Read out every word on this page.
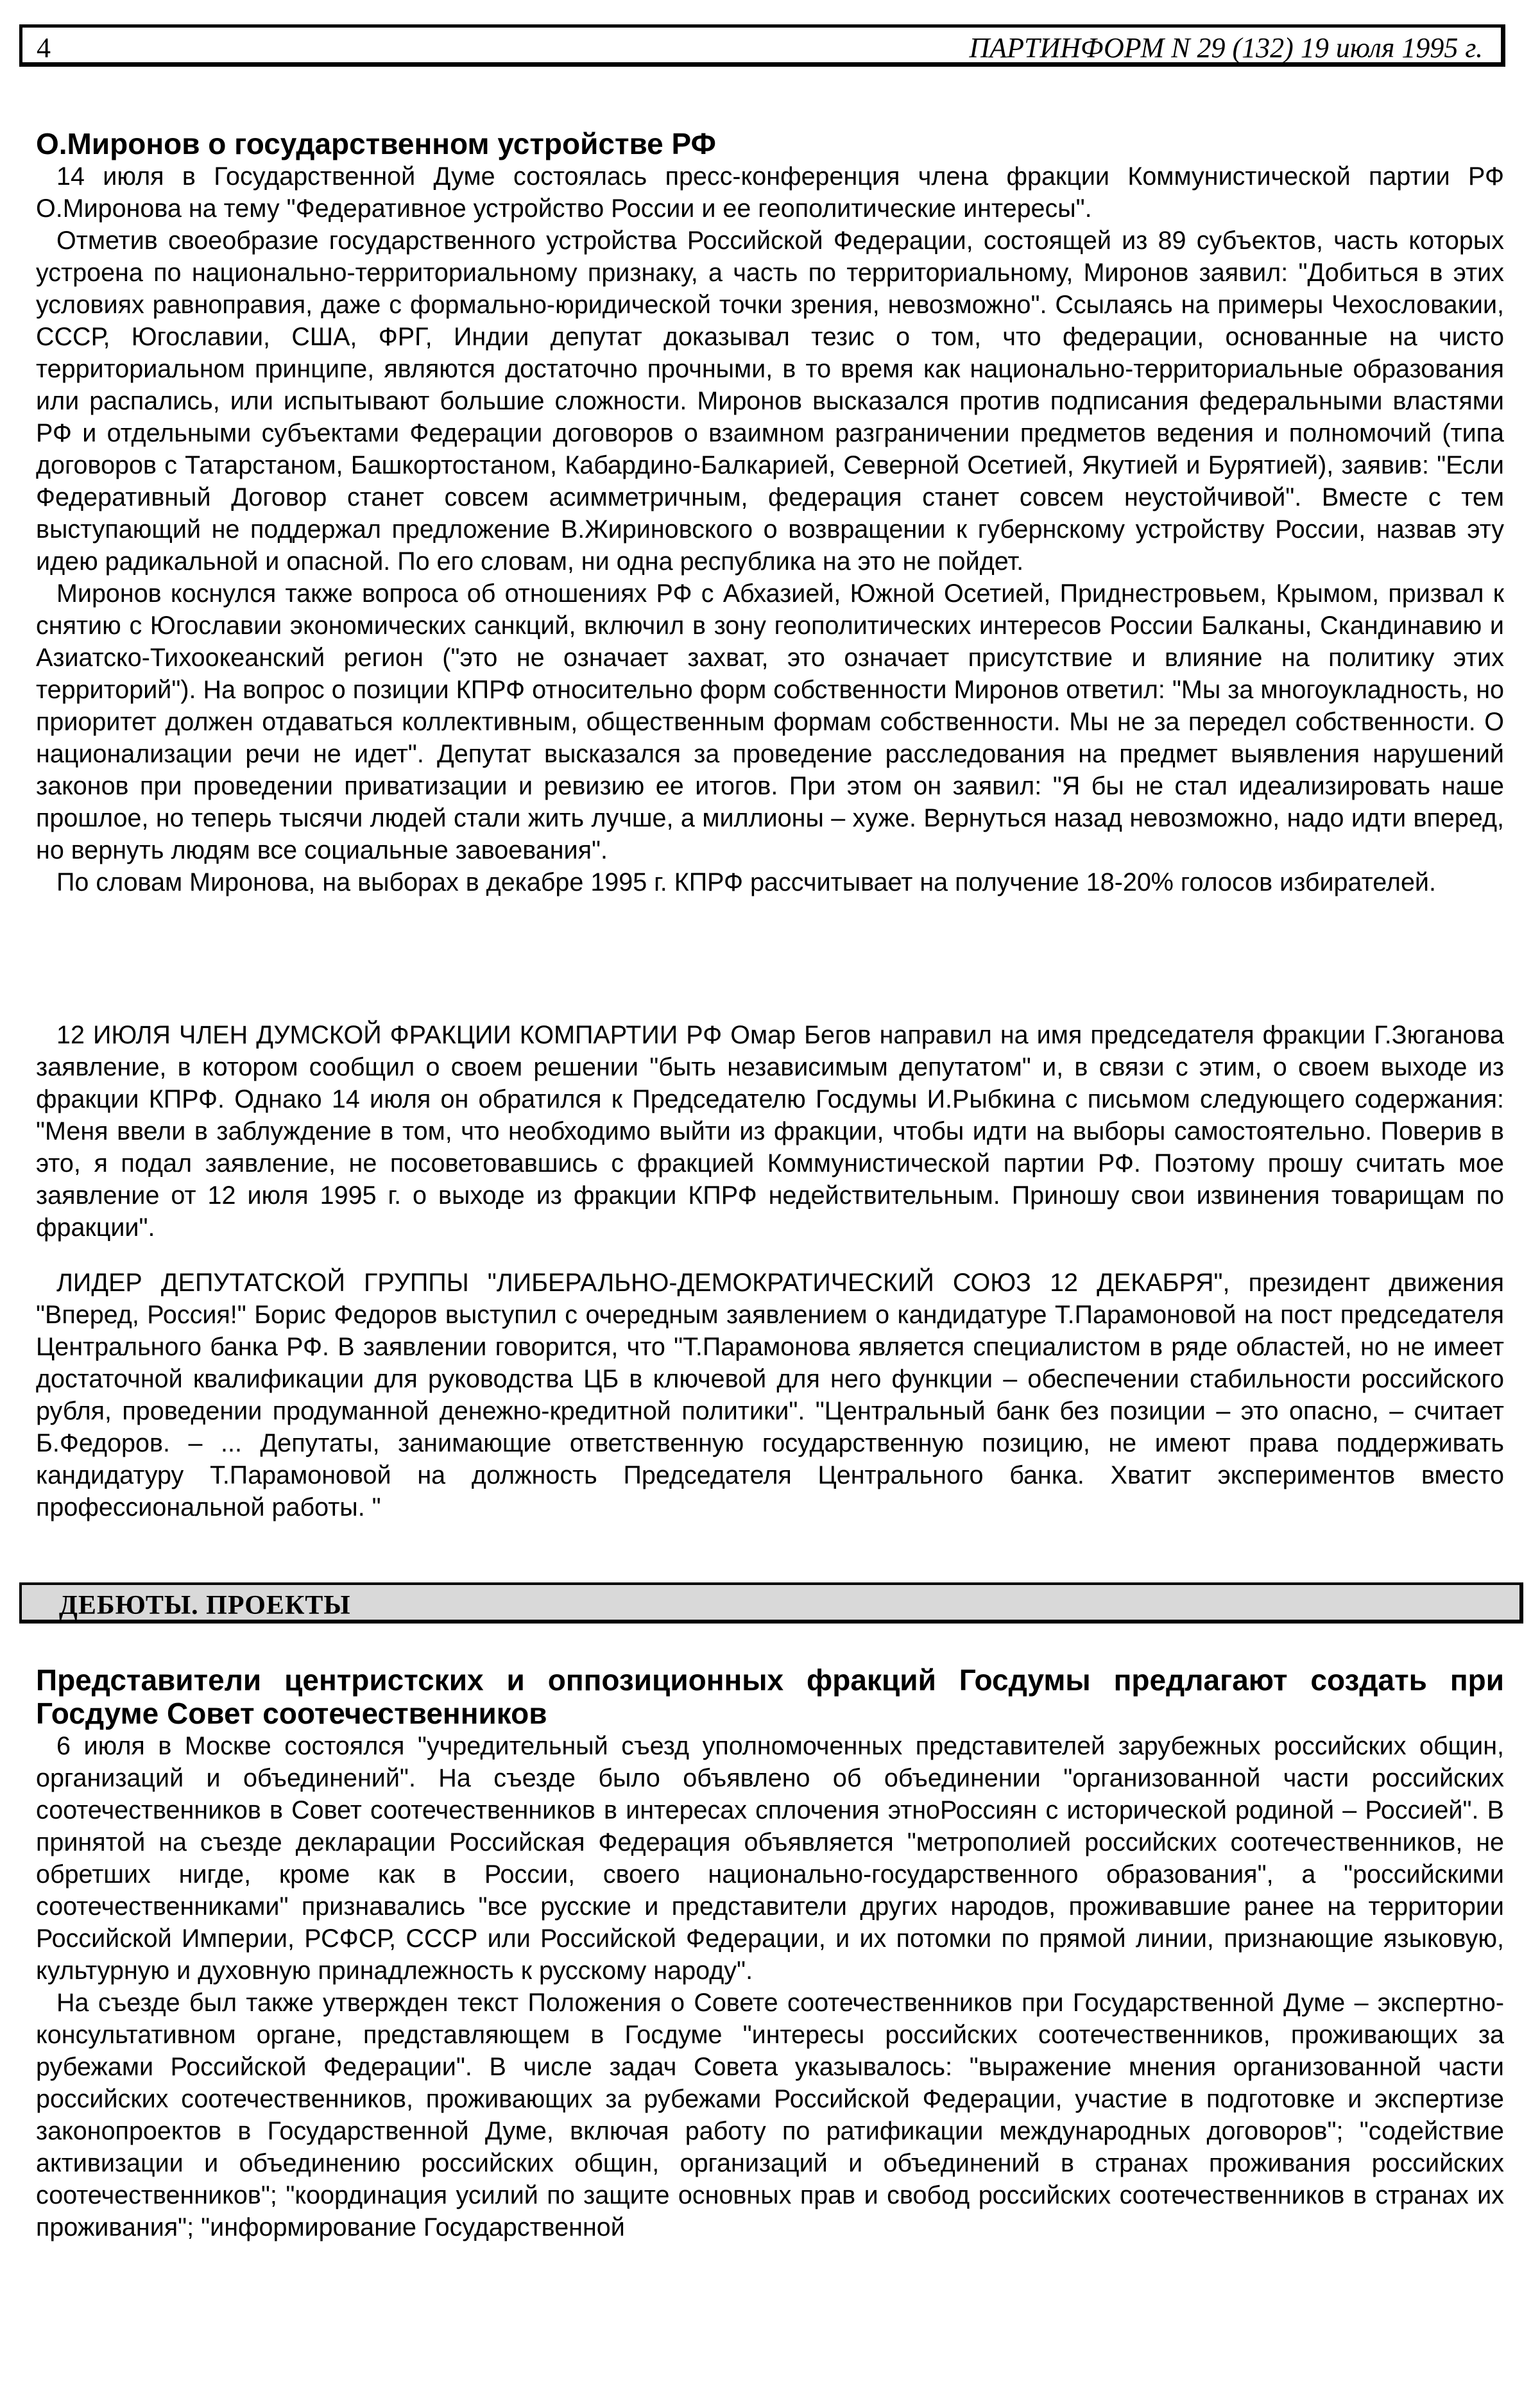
4	ПАРТИНФОРМ N 29 (132) 19 июля 1995 г.
О.Миронов о государственном устройстве РФ

14 июля в Государственной Думе состоялась пресс-конференция члена фракции Коммунистической партии РФ О.Миронова на тему "Федеративное устройство России и ее геополитические интересы".

Отметив своеобразие государственного устройства Российской Федерации, состоящей из 89 субъектов, часть которых устроена по национально-территориальному признаку, а часть по территориальному, Миронов заявил: "Добиться в этих условиях равноправия, даже с формально-юридической точки зрения, невозможно". Ссылаясь на примеры Чехословакии, СССР, Югославии, США, ФРГ, Индии депутат доказывал тезис о том, что федерации, основанные на чисто территориальном принципе, являются достаточно прочными, в то время как национально-территориальные образования или распались, или испытывают большие сложности. Миронов высказался против подписания федеральными властями РФ и отдельными субъектами Федерации договоров о взаимном разграничении предметов ведения и полномочий (типа договоров с Татарстаном, Башкортостаном, Кабардино-Балкарией, Северной Осетией, Якутией и Бурятией), заявив: "Если Федеративный Договор станет совсем асимметричным, федерация станет совсем неустойчивой". Вместе с тем выступающий не поддержал предложение В.Жириновского о возвращении к губернскому устройству России, назвав эту идею радикальной и опасной. По его словам, ни одна республика на это не пойдет.

Миронов коснулся также вопроса об отношениях РФ с Абхазией, Южной Осетией, Приднестровьем, Крымом, призвал к снятию с Югославии экономических санкций, включил в зону геополитических интересов России Балканы, Скандинавию и Азиатско-Тихоокеанский регион ("это не означает захват, это означает присутствие и влияние на политику этих территорий"). На вопрос о позиции КПРФ относительно форм собственности Миронов ответил: "Мы за многоукладность, но приоритет должен отдаваться коллективным, общественным формам собственности. Мы не за передел собственности. О национализации речи не идет". Депутат высказался за проведение расследования на предмет выявления нарушений законов при проведении приватизации и ревизию ее итогов. При этом он заявил: "Я бы не стал идеализировать наше прошлое, но теперь тысячи людей стали жить лучше, а миллионы – хуже. Вернуться назад невозможно, надо идти вперед, но вернуть людям все социальные завоевания".

По словам Миронова, на выборах в декабре 1995 г. КПРФ рассчитывает на получение 18-20% голосов избирателей.

12 ИЮЛЯ ЧЛЕН ДУМСКОЙ ФРАКЦИИ КОМПАРТИИ РФ Омар Бегов направил на имя председателя фракции Г.Зюганова заявление, в котором сообщил о своем решении "быть независимым депутатом" и, в связи с этим, о своем выходе из фракции КПРФ. Однако 14 июля он обратился к Председателю Госдумы И.Рыбкина с письмом следующего содержания: "Меня ввели в заблуждение в том, что необходимо выйти из фракции, чтобы идти на выборы самостоятельно. Поверив в это, я подал заявление, не посоветовавшись с фракцией Коммунистической партии РФ. Поэтому прошу считать мое заявление от 12 июля 1995 г. о выходе из фракции КПРФ недействительным. Приношу свои извинения товарищам по фракции".

ЛИДЕР ДЕПУТАТСКОЙ ГРУППЫ "ЛИБЕРАЛЬНО-ДЕМОКРАТИЧЕСКИЙ СОЮЗ 12 ДЕКАБРЯ", президент движения "Вперед, Россия!" Борис Федоров выступил с очередным заявлением о кандидатуре Т.Парамоновой на пост председателя Центрального банка РФ. В заявлении говорится, что "Т.Парамонова является специалистом в ряде областей, но не имеет достаточной квалификации для руководства ЦБ в ключевой для него функции – обеспечении стабильности российского рубля, проведении продуманной денежно-кредитной политики". "Центральный банк без позиции – это опасно, – считает Б.Федоров. – ... Депутаты, занимающие ответственную государственную позицию, не имеют права поддерживать кандидатуру Т.Парамоновой на должность Председателя Центрального банка. Хватит экспериментов вместо профессиональной работы. "

ДЕБЮТЫ. ПРОЕКТЫ
Представители центристских и оппозиционных фракций Госдумы предлагают создать при Госдуме Совет соотечественников

6 июля в Москве состоялся "учредительный съезд уполномоченных представителей зарубежных российских общин, организаций и объединений". На съезде было объявлено об объединении "организованной части российских соотечественников в Совет соотечественников в интересах сплочения этноРоссиян с исторической родиной – Россией". В принятой на съезде декларации Российская Федерация объявляется "метрополией российских соотечественников, не обретших нигде, кроме как в России, своего национально-государственного образования", а "российскими соотечественниками" признавались "все русские и представители других народов, проживавшие ранее на территории Российской Империи, РСФСР, СССР или Российской Федерации, и их потомки по прямой линии, признающие языковую, культурную и духовную принадлежность к русскому народу".

На съезде был также утвержден текст Положения о Совете соотечественников при Государственной Думе – экспертно-консультативном органе, представляющем в Госдуме "интересы российских соотечественников, проживающих за рубежами Российской Федерации". В числе задач Совета указывалось: "выражение мнения организованной части российских соотечественников, проживающих за рубежами Российской Федерации, участие в подготовке и экспертизе законопроектов в Государственной Думе, включая работу по ратификации международных договоров"; "содействие активизации и объединению российских общин, организаций и объединений в странах проживания российских соотечественников"; "координация усилий по защите основных прав и свобод российских соотечественников в странах их проживания"; "информирование Государственной
